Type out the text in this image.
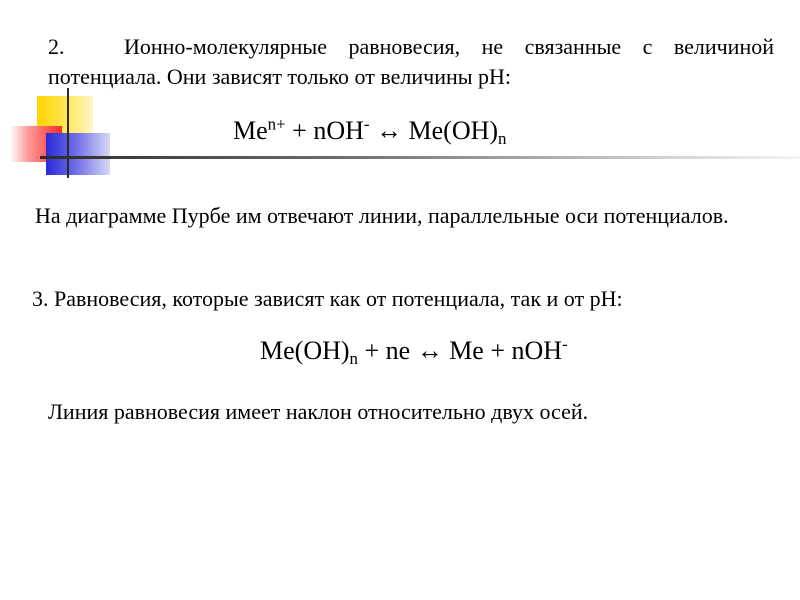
2.	Ионно-молекулярные равновесия, не связанные с величиной потенциала. Они зависят только от величины pH:

$Me^{n+} + nOH^-$ ↔ $Me(OH)_n$

На диаграмме Пурбе им отвечают линии, параллельные оси потенциалов.

3. Равновесия, которые зависят как от потенциала, так и от pH:

$Me(OH)_n$ + ne ↔ Me + nOH-

Линия равновесия имеет наклон относительно двух осей.
